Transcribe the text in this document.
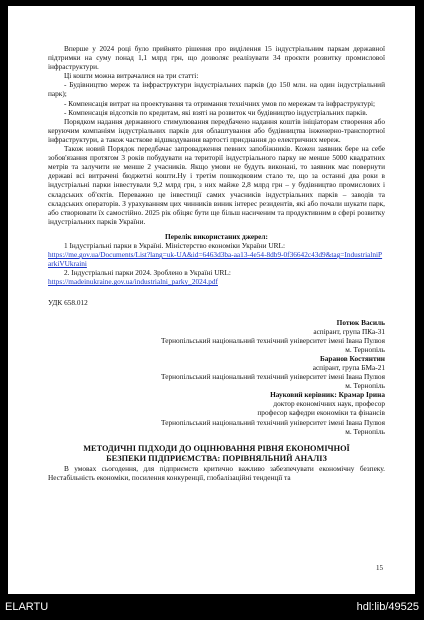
Вперше у 2024 році було прийнято рішення про виділення 15 індустріальним паркам державної підтримки на суму понад 1,1 млрд грн, що дозволяє реалізувати 34 проєкти розвитку промислової інфраструктури.

Ці кошти можна витрачалися на три статті:

- Будівництво мереж та інфраструктури індустріальних парків (до 150 млн. на один індустріальний парк);

- Компенсація витрат на проектування та отримання технічних умов по мережам та інфраструктурі;

- Компенсація відсотків по кредитам, які взяті на розвиток чи будівництво індустріальних парків.

Порядком надання державного стимулювання передбачено надання коштів ініціаторам створення або керуючим компаніям індустріальних парків для облаштування або будівництва інженерно-транспортної інфраструктури, а також часткове відшкодування вартості приєднання до електричних мереж.

Також новий Порядок передбачає запровадження певних запобіжників. Кожен заявник бере на себе зобов'язання протягом 3 років побудувати на території індустріального парку не менше 5000 квадратних метрів та залучити не менше 2 учасників. Якщо умови не будуть виконані, то заявник має повернути державі всі витрачені бюджетні кошти.Ну і третім пошкодковим стало те, що за останні два роки в індустріальні парки інвестували 9,2 млрд грн, з них майже 2,8 млрд грн – у будівництво промислових і складських об'єктів. Переважно це інвестиції самих учасників індустріальних парків – заводів та складських операторів. З урахуванням цих чинників виник інтерес резидентів, які або почали шукати парк, або створювати їх самостійно. 2025 рік обіцяє бути ще більш насиченим та продуктивним в сфері розвитку індустріальних парків України.

Перелік використаних джерел:

1 Індустріальні парки в Україні. Міністерство економіки України URL:
https://me.gov.ua/Documents/List?lang=uk-UA&id=6463d3ba-aa13-4e54-8db9-0f36642c43d9&tag=IndustrialniParkiVUkraini

2. Індустріальні парки 2024. Зроблено в Україні URL:
https://madeinukraine.gov.ua/industrialni_parky_2024.pdf

УДК 658.012

Потюк Василь

аспірант, група ПКа-31

Тернопільський національний технічний університет імені Івана Пулюя

м. Тернопіль

Баранов Костянтин

аспірант, група БМа-21

Тернопільський національний технічний університет імені Івана Пулюя

м. Тернопіль

Науковий керівник: Крамар Ірина

доктор економічних наук, професор

професор кафедри економіки та фінансів

Тернопільський національний технічний університет імені Івана Пулюя

м. Тернопіль

МЕТОДИЧНІ ПІДХОДИ ДО ОЦІНЮВАННЯ РІВНЯ ЕКОНОМІЧНОЇ БЕЗПЕКИ ПІДПРИЄМСТВА: ПОРІВНЯЛЬНИЙ АНАЛІЗ

В умовах сьогодення, для підприємств критично важливо забезпечувати економічну безпеку. Нестабільність економіки, посилення конкуренції, глобалізаційні тенденції та

15
ELARTU	hdl:lib/49525
